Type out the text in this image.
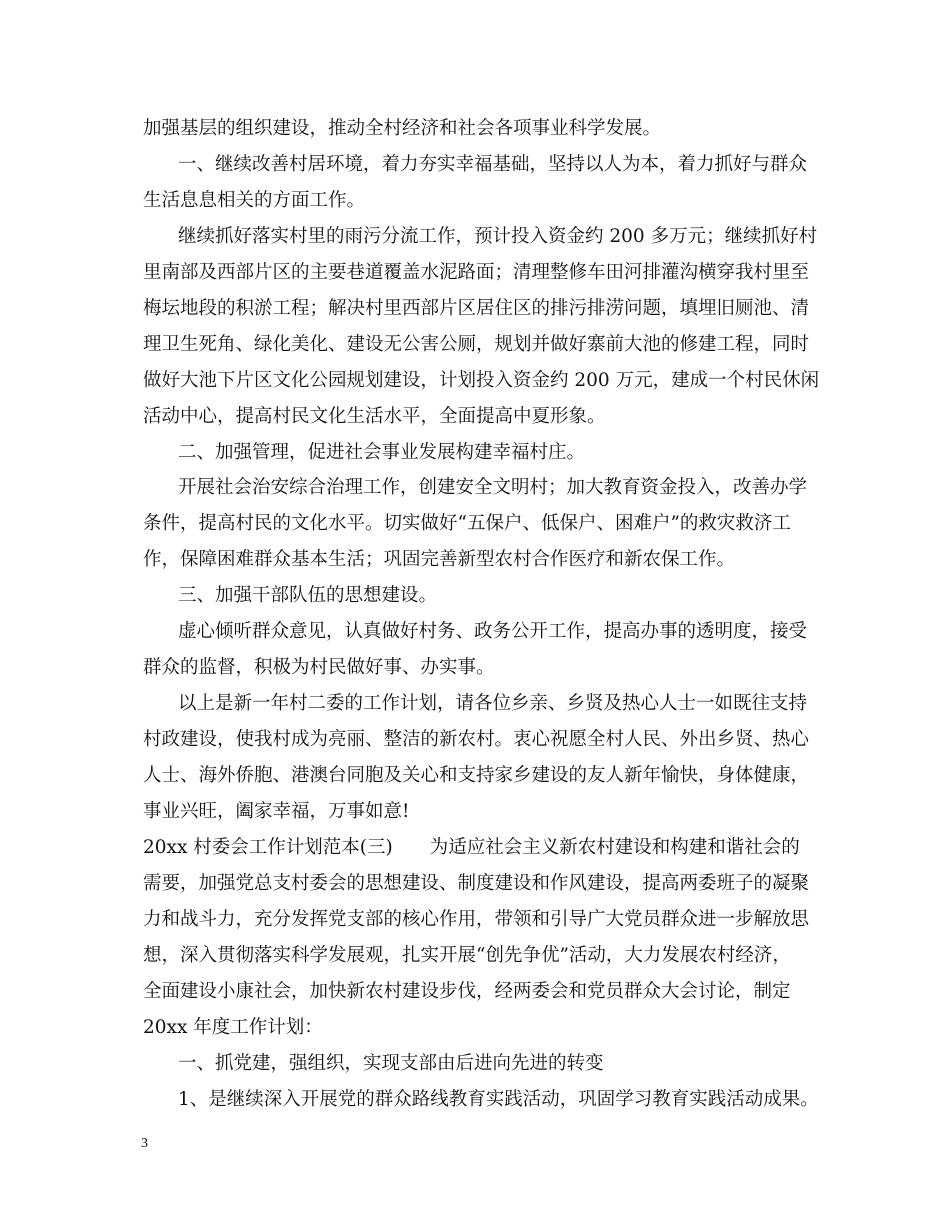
加强基层的组织建设，推动全村经济和社会各项事业科学发展。

一、继续改善村居环境，着力夯实幸福基础，坚持以人为本，着力抓好与群众

生活息息相关的方面工作。

继续抓好落实村里的雨污分流工作，预计投入资金约 200 多万元；继续抓好村

里南部及西部片区的主要巷道覆盖水泥路面；清理整修车田河排灌沟横穿我村里至

梅坛地段的积淤工程；解决村里西部片区居住区的排污排涝问题，填埋旧厕池、清

理卫生死角、绿化美化、建设无公害公厕，规划并做好寨前大池的修建工程，同时

做好大池下片区文化公园规划建设，计划投入资金约 200 万元，建成一个村民休闲

活动中心，提高村民文化生活水平，全面提高中夏形象。

二、加强管理，促进社会事业发展构建幸福村庄。

开展社会治安综合治理工作，创建安全文明村；加大教育资金投入，改善办学

条件，提高村民的文化水平。切实做好“五保户、低保户、困难户”的救灾救济工

作，保障困难群众基本生活；巩固完善新型农村合作医疗和新农保工作。

三、加强干部队伍的思想建设。

虚心倾听群众意见，认真做好村务、政务公开工作，提高办事的透明度，接受

群众的监督，积极为村民做好事、办实事。

以上是新一年村二委的工作计划，请各位乡亲、乡贤及热心人士一如既往支持

村政建设，使我村成为亮丽、整洁的新农村。衷心祝愿全村人民、外出乡贤、热心

人士、海外侨胞、港澳台同胞及关心和支持家乡建设的友人新年愉快，身体健康，

事业兴旺，阖家幸福，万事如意!

20xx 村委会工作计划范本(三)　　为适应社会主义新农村建设和构建和谐社会的

需要，加强党总支村委会的思想建设、制度建设和作风建设，提高两委班子的凝聚

力和战斗力，充分发挥党支部的核心作用，带领和引导广大党员群众进一步解放思

想，深入贯彻落实科学发展观，扎实开展“创先争优”活动，大力发展农村经济，

全面建设小康社会，加快新农村建设步伐，经两委会和党员群众大会讨论，制定

20xx 年度工作计划：

一、抓党建，强组织，实现支部由后进向先进的转变

1、是继续深入开展党的群众路线教育实践活动，巩固学习教育实践活动成果。

3
